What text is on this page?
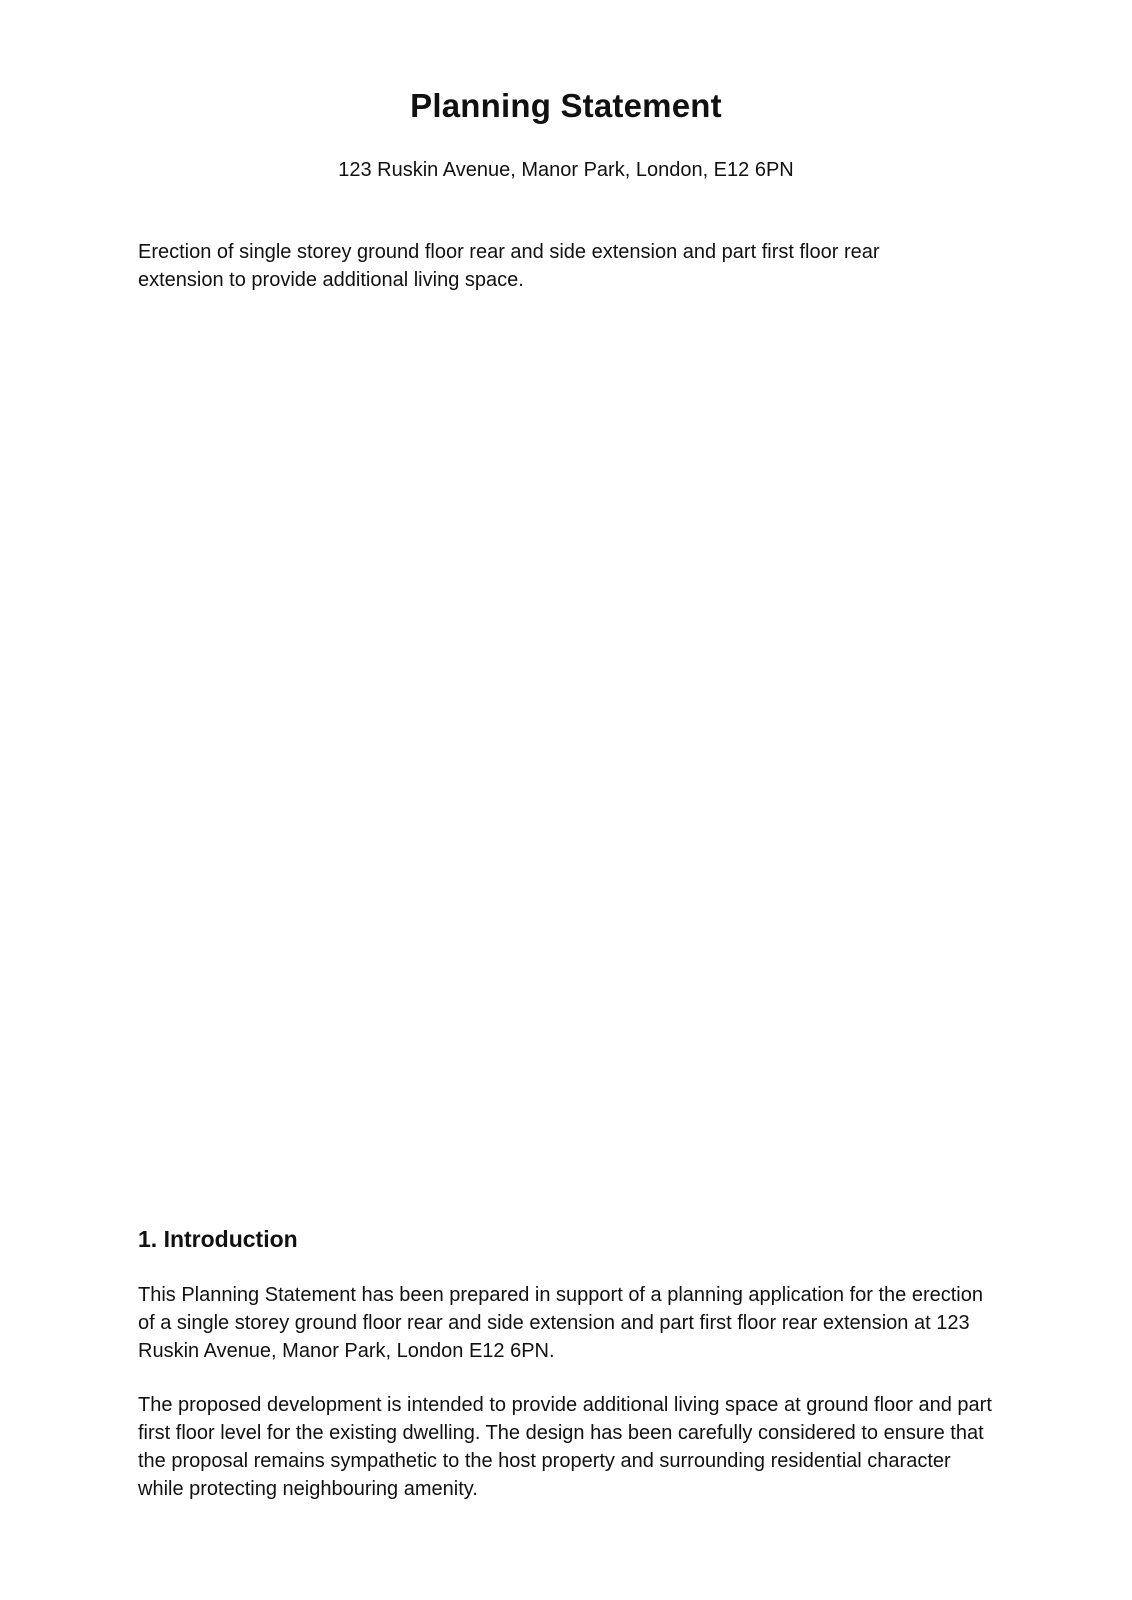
Planning Statement

123 Ruskin Avenue, Manor Park, London, E12 6PN

Erection of single storey ground floor rear and side extension and part first floor rear extension to provide additional living space.

1. Introduction

This Planning Statement has been prepared in support of a planning application for the erection of a single storey ground floor rear and side extension and part first floor rear extension at 123 Ruskin Avenue, Manor Park, London E12 6PN.

The proposed development is intended to provide additional living space at ground floor and part first floor level for the existing dwelling. The design has been carefully considered to ensure that the proposal remains sympathetic to the host property and surrounding residential character while protecting neighbouring amenity.
